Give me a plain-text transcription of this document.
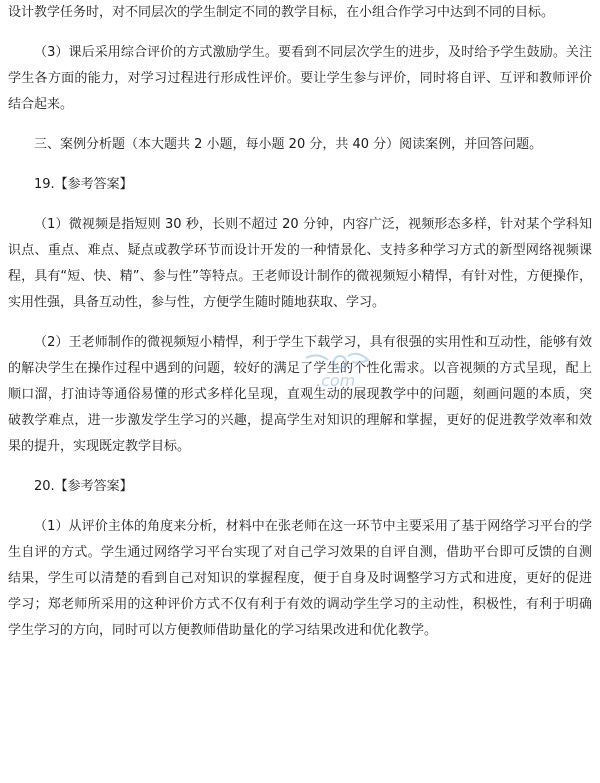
设计教学任务时，对不同层次的学生制定不同的教学目标，在小组合作学习中达到不同的目标。

（3）课后采用综合评价的方式激励学生。要看到不同层次学生的进步，及时给予学生鼓励。关注学生各方面的能力，对学习过程进行形成性评价。要让学生参与评价，同时将自评、互评和教师评价结合起来。

三、案例分析题（本大题共 2 小题，每小题 20 分，共 40 分）阅读案例，并回答问题。

19.【参考答案】

（1）微视频是指短则 30 秒，长则不超过 20 分钟，内容广泛，视频形态多样，针对某个学科知识点、重点、难点、疑点或教学环节而设计开发的一种情景化、支持多种学习方式的新型网络视频课程，具有“短、快、精”、参与性”等特点。王老师设计制作的微视频短小精悍，有针对性，方便操作，实用性强，具备互动性，参与性，方便学生随时随地获取、学习。

（2）王老师制作的微视频短小精悍，利于学生下载学习，具有很强的实用性和互动性，能够有效的解决学生在操作过程中遇到的问题，较好的满足了学生的个性化需求。以音视频的方式呈现，配上顺口溜，打油诗等通俗易懂的形式多样化呈现，直观生动的展现教学中的问题，刻画问题的本质，突破教学难点，进一步激发学生学习的兴趣，提高学生对知识的理解和掌握，更好的促进教学效率和效果的提升，实现既定教学目标。

20.【参考答案】

（1）从评价主体的角度来分析，材料中在张老师在这一环节中主要采用了基于网络学习平台的学生自评的方式。学生通过网络学习平台实现了对自己学习效果的自评自测，借助平台即可反馈的自测结果，学生可以清楚的看到自己对知识的掌握程度，便于自身及时调整学习方式和进度，更好的促进学习；郑老师所采用的这种评价方式不仅有利于有效的调动学生学习的主动性，积极性，有利于明确学生学习的方向，同时可以方便教师借助量化的学习结果改进和优化教学。

.com
